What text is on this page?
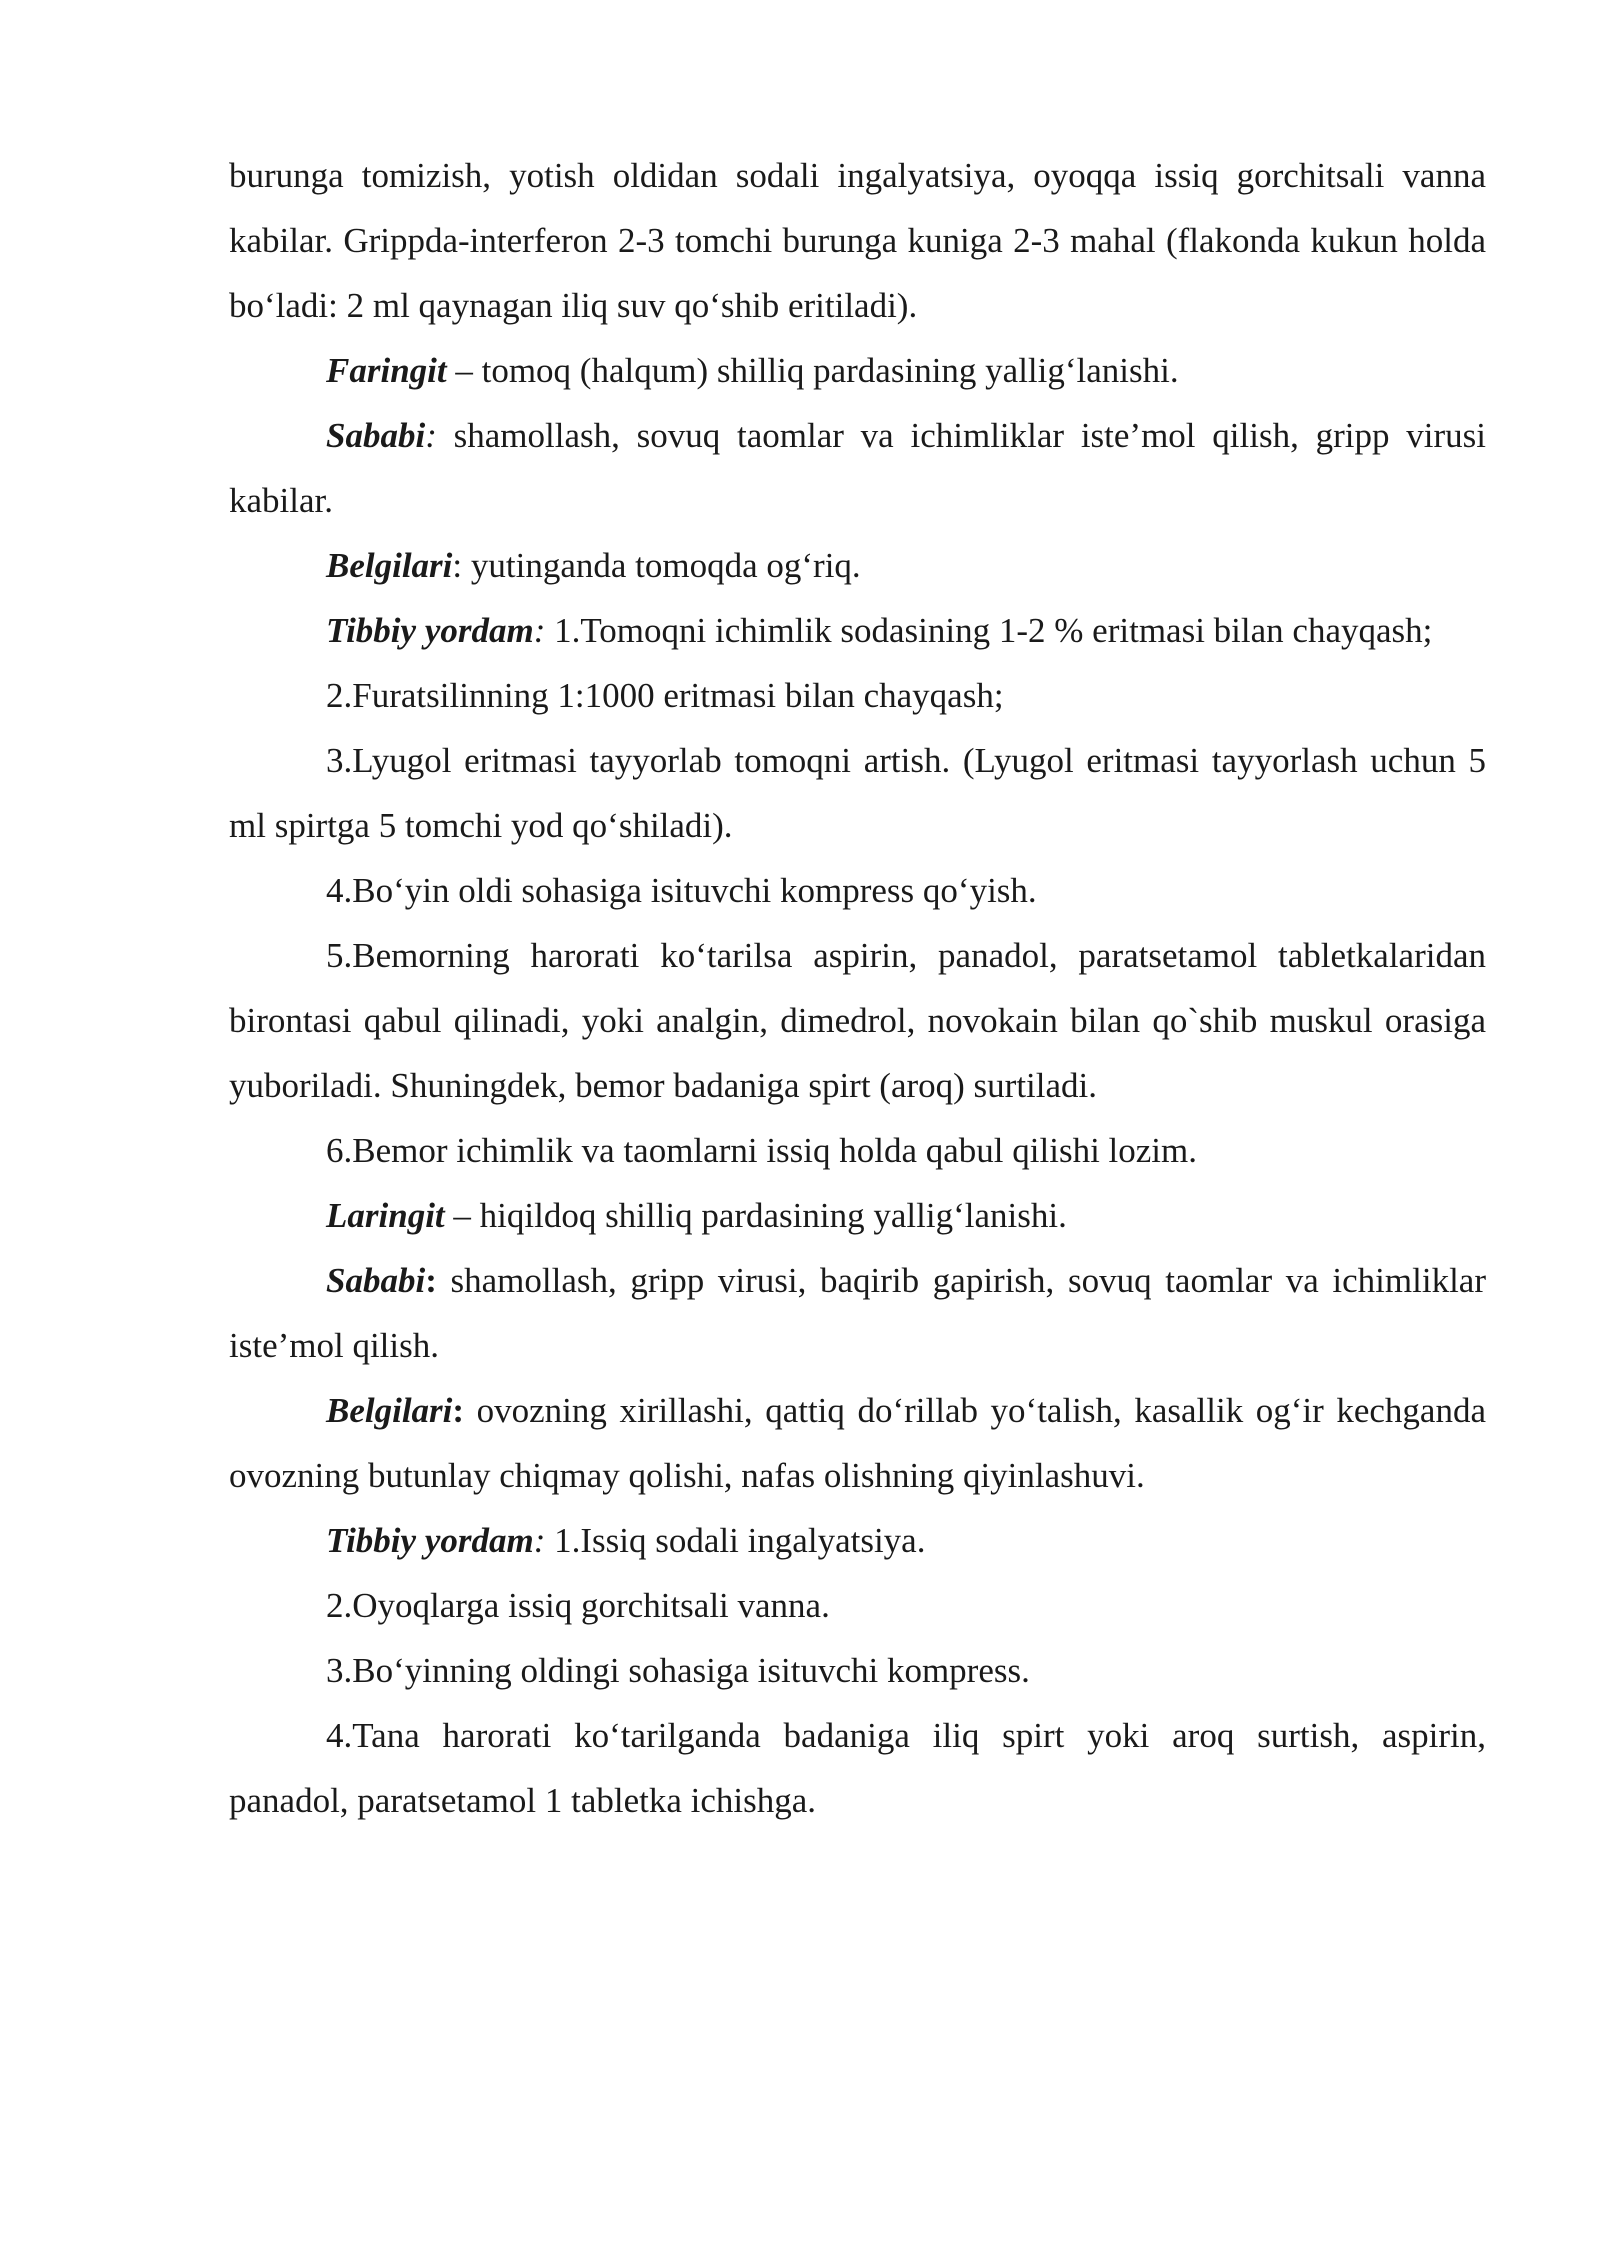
burunga tomizish, yotish oldidan sodali ingalyatsiya, oyoqqa issiq gorchitsali vanna kabilar. Grippda-interferon 2-3 tomchi burunga kuniga 2-3 mahal (flakonda kukun holda bo‘ladi: 2 ml qaynagan iliq suv qo‘shib eritiladi).

Faringit – tomoq (halqum) shilliq pardasining yallig‘lanishi.

Sababi: shamollash, sovuq taomlar va ichimliklar iste’mol qilish, gripp virusi kabilar.

Belgilari: yutinganda tomoqda og‘riq.

Tibbiy yordam: 1.Tomoqni ichimlik sodasining 1-2 % eritmasi bilan chayqash;

2.Furatsilinning 1:1000 eritmasi bilan chayqash;

3.Lyugol eritmasi tayyorlab tomoqni artish. (Lyugol eritmasi tayyorlash uchun 5 ml spirtga 5 tomchi yod qo‘shiladi).

4.Bo‘yin oldi sohasiga isituvchi kompress qo‘yish.

5.Bemorning harorati ko‘tarilsa aspirin, panadol, paratsetamol tabletkalaridan birontasi qabul qilinadi, yoki analgin, dimedrol, novokain bilan qo`shib muskul orasiga yuboriladi. Shuningdek, bemor badaniga spirt (aroq) surtiladi.

6.Bemor ichimlik va taomlarni issiq holda qabul qilishi lozim.

Laringit – hiqildoq shilliq pardasining yallig‘lanishi.

Sababi: shamollash, gripp virusi, baqirib gapirish, sovuq taomlar va ichimliklar iste’mol qilish.

Belgilari: ovozning xirillashi, qattiq do‘rillab yo‘talish, kasallik og‘ir kechganda ovozning butunlay chiqmay qolishi, nafas olishning qiyinlashuvi.

Tibbiy yordam: 1.Issiq sodali ingalyatsiya.

2.Oyoqlarga issiq gorchitsali vanna.

3.Bo‘yinning oldingi sohasiga isituvchi kompress.

4.Tana harorati ko‘tarilganda badaniga iliq spirt yoki aroq surtish, aspirin, panadol, paratsetamol 1 tabletka ichishga.
